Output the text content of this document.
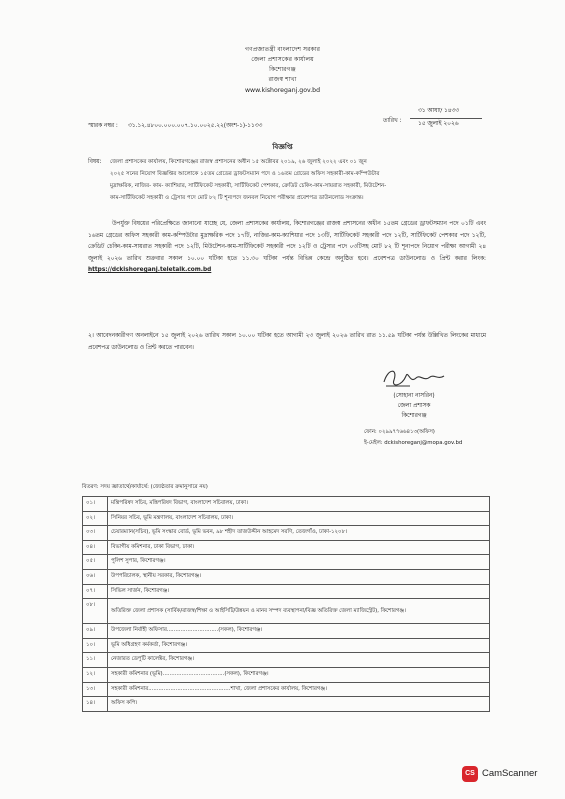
গণপ্রজাতন্ত্রী বাংলাদেশ সরকার
জেলা প্রশাসকের কার্যালয়
কিশোরগঞ্জ
রাজস্ব শাখা
www.kishoreganj.gov.bd
স্মারক নম্বর : ৩১.১২.৪৮০০.০০০.০০৭.১০.০০২৫.২২(অংশ-১)-১১৩৩
তারিখ :
৩১ আষাঢ় ১৪৩৩
১৫ জুলাই ২০২৬
বিজ্ঞপ্তি
বিষয়: জেলা প্রশাসকের কার্যালয়, কিশোরগঞ্জের রাজস্ব প্রশাসনের অধীন ১৫ অক্টোবর ২০১৯, ২৬ জুলাই ২০২২ এবং ০১ জুন
২০২৫ সনের নিয়োগ বিজ্ঞপ্তির আলোকে ১৫তম গ্রেডের ড্রাফটসম্যান পদে ও ১৬তম গ্রেডের অফিস সহকারী-কাম-কম্পিউটার
মুদ্রাক্ষরিক, নাজির- কাম- ক্যাশিয়ার, সার্টিফিকেট সহকারী, সার্টিফিকেট পেশকার, ক্রেডিট চেকিং-কাম-সায়রাত সহকারী, মিউটেশন-
কাম-সার্টিফিকেট সহকারী ও ট্রেসার পদে মোট ৮২ টি শূন্যপদে জনবল নিয়োগ পরীক্ষার প্রবেশপত্র ডাউনলোড সংক্রান্ত।
উপর্যুক্ত বিষয়ের পরিপ্রেক্ষিতে জানানো যাচ্ছে যে, জেলা প্রশাসকের কার্যালয়, কিশোরগঞ্জের রাজস্ব প্রশাসনের অধীন ১৫তম গ্রেডের ড্রাফটসম্যান পদে ০১টি এবং ১৬তম গ্রেডের অফিস সহকারী কাম-কম্পিউটার মুদ্রাক্ষরিক পদে ১৭টি, নাজির-কাম-ক্যাশিয়ার পদে ১৩টি, সার্টিফিকেট সহকারী পদে ১২টি, সার্টিফিকেট পেশকার পদে ১২টি, ক্রেডিট চেকিং-কাম-সায়রাত সহকারী পদে ১২টি, মিউটেশন-কাম-সার্টিফিকেট সহকারী পদে ১২টি ও ট্রেসার পদে ০৩টিসহ মোট ৮২ টি শূন্যপদে নিয়োগ পরীক্ষা আগামী ২৪ জুলাই ২০২৬ তারিখ শুক্রবার সকাল ১০.০০ ঘটিকা হতে ১১.৩০ ঘটিকা পর্যন্ত বিভিন্ন কেন্দ্রে অনুষ্ঠিত হবে। প্রবেশপত্র ডাউনলোড ও প্রিন্ট করার লিংক: https://dckishoreganj.teletalk.com.bd
২। আবেদনকারীগণ অনলাইনে ১৫ জুলাই ২০২৬ তারিখ সকাল ১০.০০ ঘটিকা হতে আগামী ২৩ জুলাই ২০২৬ তারিখ রাত ১১.৫৯ ঘটিকা পর্যন্ত উল্লিখিত লিংকের মাধ্যমে প্রবেশপত্র ডাউনলোড ও প্রিন্ট করতে পারবেন।
(সোহানা নাসরিন)
জেলা প্রশাসক
কিশোরগঞ্জ
ফোন: ০২৯৯৭৭৬৬৪১৩(অফিস)
ই-মেইল: dckishoreganj@mopa.gov.bd
বিতরণ: সদয় জ্ঞাতার্থে/কার্যার্থে: (জ্যেষ্ঠতার ক্রমানুসারে নয়)
০১।	মন্ত্রিপরিষদ সচিব, মন্ত্রিপরিষদ বিভাগ, বাংলাদেশ সচিবালয়, ঢাকা।
০২।	সিনিয়র সচিব, ভূমি মন্ত্রণালয়, বাংলাদেশ সচিবালয়, ঢাকা।
০৩।	চেয়ারম্যান(সচিব), ভূমি সংস্কার বোর্ড, ভূমি ভবন, ৯৮ শহীদ তাজউদ্দীন আহমেদ সরণি, তেজগাঁও, ঢাকা-১২০৮।
০৪।	বিভাগীয় কমিশনার, ঢাকা বিভাগ, ঢাকা।
০৫।	পুলিশ সুপার, কিশোরগঞ্জ।
০৬।	উপপরিচালক, স্থানীয় সরকার, কিশোরগঞ্জ।
০৭।	সিভিল সার্জন, কিশোরগঞ্জ।
০৮।	অতিরিক্ত জেলা প্রশাসক (সার্বিক/রাজস্ব/শিক্ষা ও আইসিটি/উন্নয়ন ও মানব সম্পদ ব্যবস্থাপনা/বিজ্ঞ অতিরিক্ত জেলা ম্যাজিস্ট্রেট), কিশোরগঞ্জ।
০৯।	উপজেলা নির্বাহী অফিসার..............................(সকল), কিশোরগঞ্জ।
১০।	ভূমি অধিগ্রহণ কর্মকর্তা, কিশোরগঞ্জ।
১১।	নেজারত ডেপুটি কালেক্টর, কিশোরগঞ্জ।
১২।	সহকারী কমিশনার (ভূমি)....................................(সকল), কিশোরগঞ্জ।
১৩।	সহকারী কমিশনার................................................শাখা, জেলা প্রশাসকের কার্যালয়, কিশোরগঞ্জ।
১৪।	অফিস কপি।
CS CamScanner
